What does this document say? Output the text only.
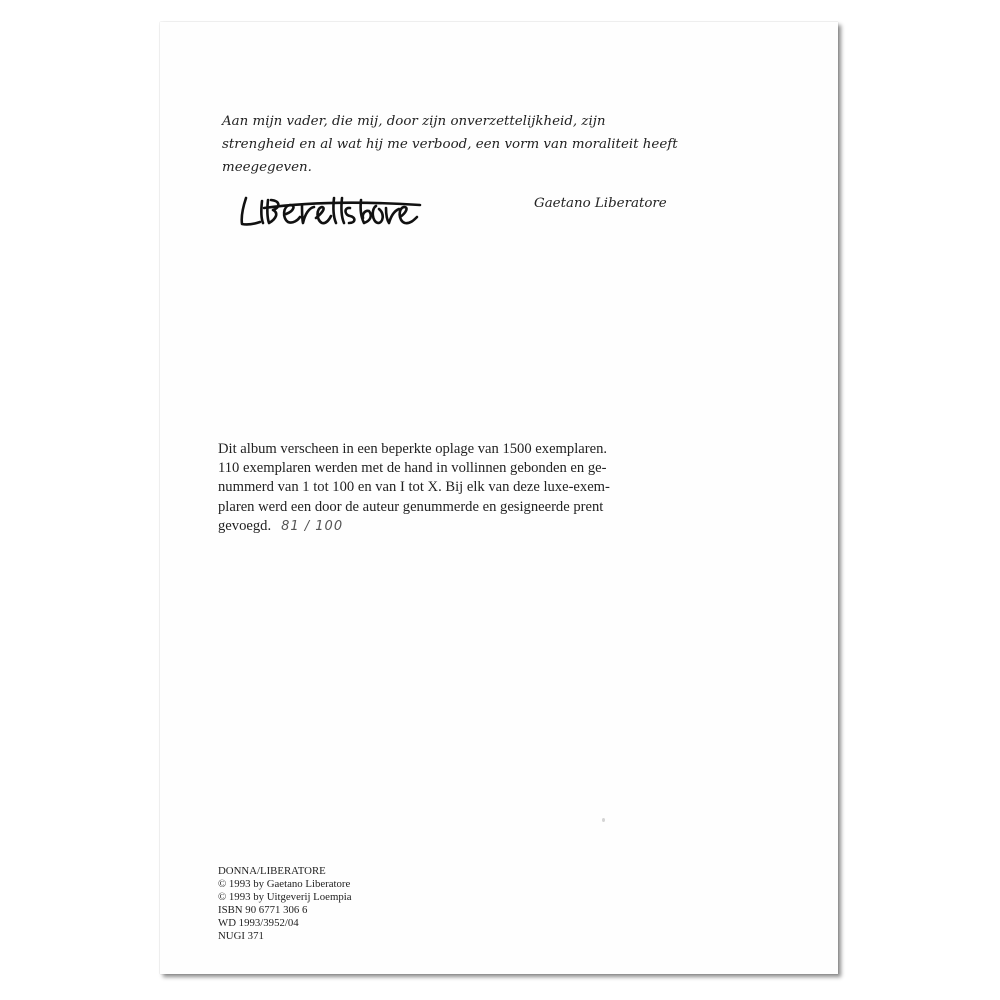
Aan mijn vader, die mij, door zijn onverzettelijkheid, zijn
strengheid en al wat hij me verbood, een vorm van moraliteit heeft
meegegeven.

Gaetano Liberatore

Dit album verscheen in een beperkte oplage van 1500 exemplaren.
110 exemplaren werden met de hand in vollinnen gebonden en ge-
nummerd van 1 tot 100 en van I tot X. Bij elk van deze luxe-exem-
plaren werd een door de auteur genummerde en gesigneerde prent
gevoegd. 81 / 100

DONNA/LIBERATORE
© 1993 by Gaetano Liberatore
© 1993 by Uitgeverij Loempia
ISBN 90 6771 306 6
WD 1993/3952/04
NUGI 371
